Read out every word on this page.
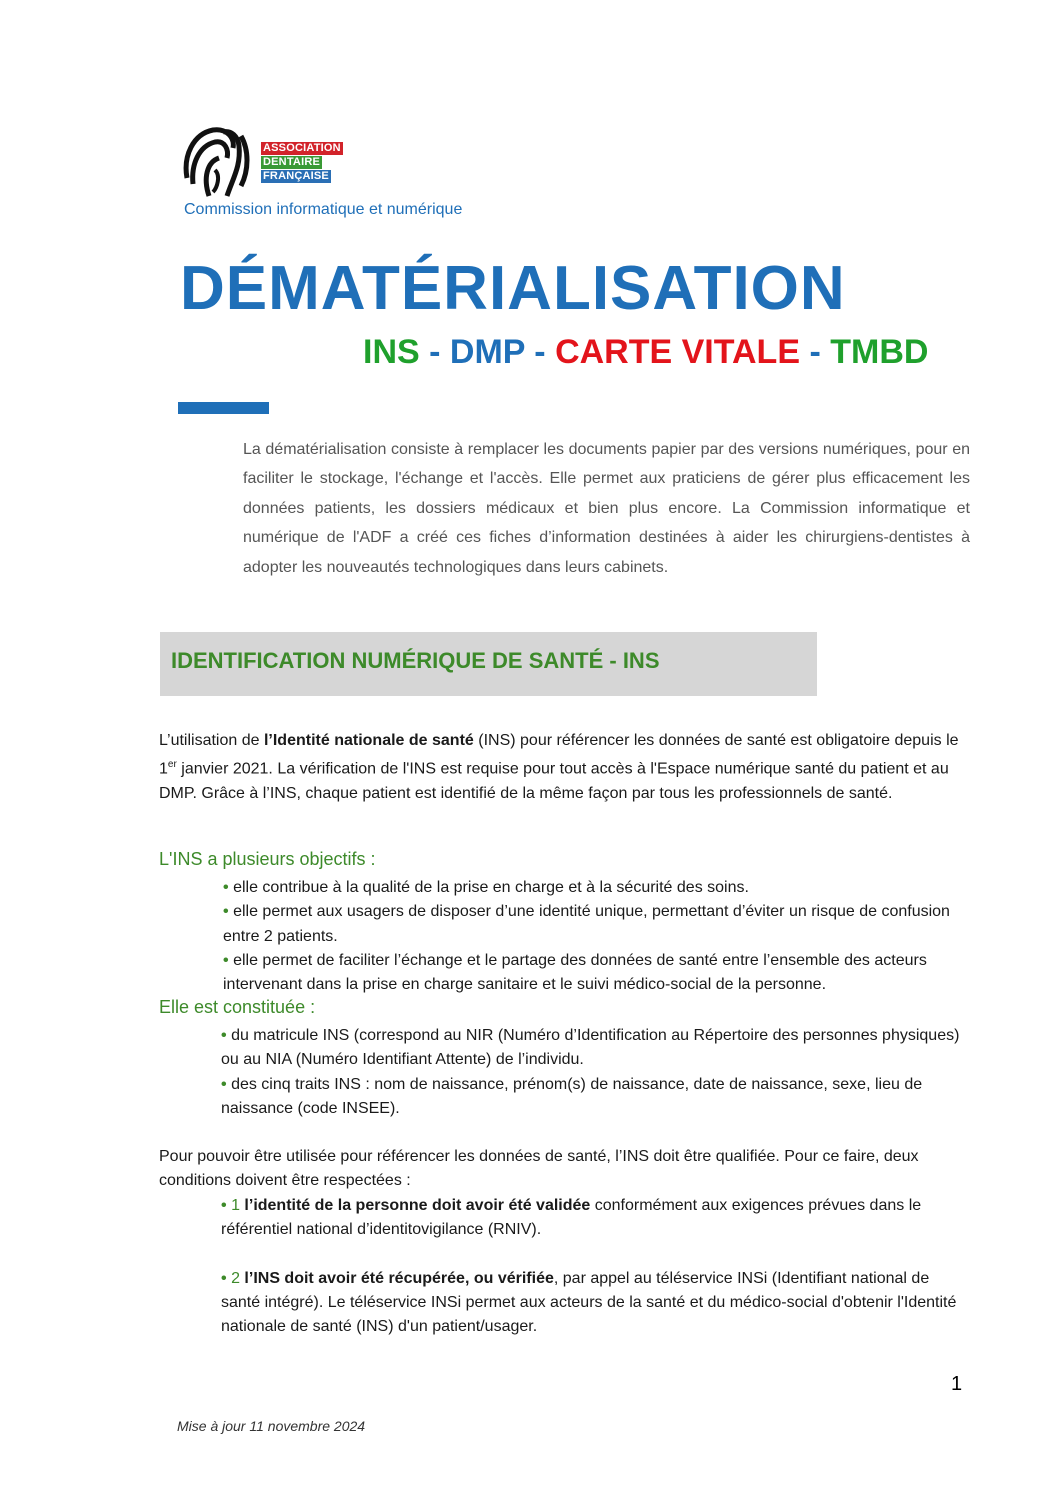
ASSOCIATION
DENTAIRE
FRANÇAISE
Commission informatique et numérique
DÉMATÉRIALISATION
INS - DMP - CARTE VITALE - TMBD
La dématérialisation consiste à remplacer les documents papier par des versions numériques, pour en faciliter le stockage, l'échange et l'accès. Elle permet aux praticiens de gérer plus efficacement les données patients, les dossiers médicaux et bien plus encore. La Commission informatique et numérique de l'ADF a créé ces fiches d’information destinées à aider les chirurgiens-dentistes à adopter les nouveautés technologiques dans leurs cabinets.
IDENTIFICATION NUMÉRIQUE DE SANTÉ - INS
L’utilisation de l’Identité nationale de santé (INS) pour référencer les données de santé est obligatoire depuis le 1er janvier 2021. La vérification de l'INS est requise pour tout accès à l'Espace numérique santé du patient et au DMP. Grâce à l’INS, chaque patient est identifié de la même façon par tous les professionnels de santé.
L'INS a plusieurs objectifs :

• elle contribue à la qualité de la prise en charge et à la sécurité des soins.

• elle permet aux usagers de disposer d’une identité unique, permettant d’éviter un risque de confusion entre 2 patients.

• elle permet de faciliter l’échange et le partage des données de santé entre l’ensemble des acteurs intervenant dans la prise en charge sanitaire et le suivi médico-social de la personne.

Elle est constituée :

• du matricule INS (correspond au NIR (Numéro d’Identification au Répertoire des personnes physiques) ou au NIA (Numéro Identifiant Attente) de l’individu.

• des cinq traits INS : nom de naissance, prénom(s) de naissance, date de naissance, sexe, lieu de naissance (code INSEE).

Pour pouvoir être utilisée pour référencer les données de santé, l’INS doit être qualifiée. Pour ce faire, deux conditions doivent être respectées :

• 1 l’identité de la personne doit avoir été validée conformément aux exigences prévues dans le référentiel national d’identitovigilance (RNIV).

• 2 l’INS doit avoir été récupérée, ou vérifiée, par appel au téléservice INSi (Identifiant national de santé intégré). Le téléservice INSi permet aux acteurs de la santé et du médico-social d'obtenir l'Identité nationale de santé (INS) d'un patient/usager.

1
Mise à jour 11 novembre 2024
